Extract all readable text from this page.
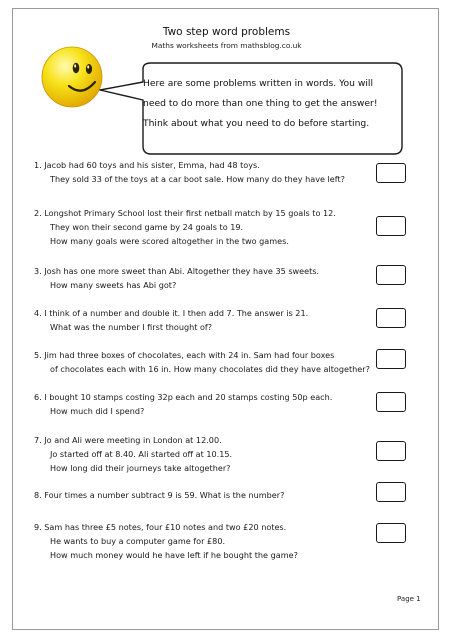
Two step word problems
Maths worksheets from mathsblog.co.uk
Here are some problems written in words. You will
need to do more than one thing to get the answer!
Think about what you need to do before starting.
1. Jacob had 60 toys and his sister, Emma, had 48 toys.
They sold 33 of the toys at a car boot sale. How many do they have left?
2. Longshot Primary School lost their first netball match by 15 goals to 12.
They won their second game by 24 goals to 19.
How many goals were scored altogether in the two games.
3. Josh has one more sweet than Abi. Altogether they have 35 sweets.
How many sweets has Abi got?
4. I think of a number and double it. I then add 7. The answer is 21.
What was the number I first thought of?
5. Jim had three boxes of chocolates, each with 24 in. Sam had four boxes
of chocolates each with 16 in. How many chocolates did they have altogether?
6. I bought 10 stamps costing 32p each and 20 stamps costing 50p each.
How much did I spend?
7. Jo and Ali were meeting in London at 12.00.
Jo started off at 8.40. Ali started off at 10.15.
How long did their journeys take altogether?
8. Four times a number subtract 9 is 59. What is the number?
9. Sam has three £5 notes, four £10 notes and two £20 notes.
He wants to buy a computer game for £80.
How much money would he have left if he bought the game?
Page 1
